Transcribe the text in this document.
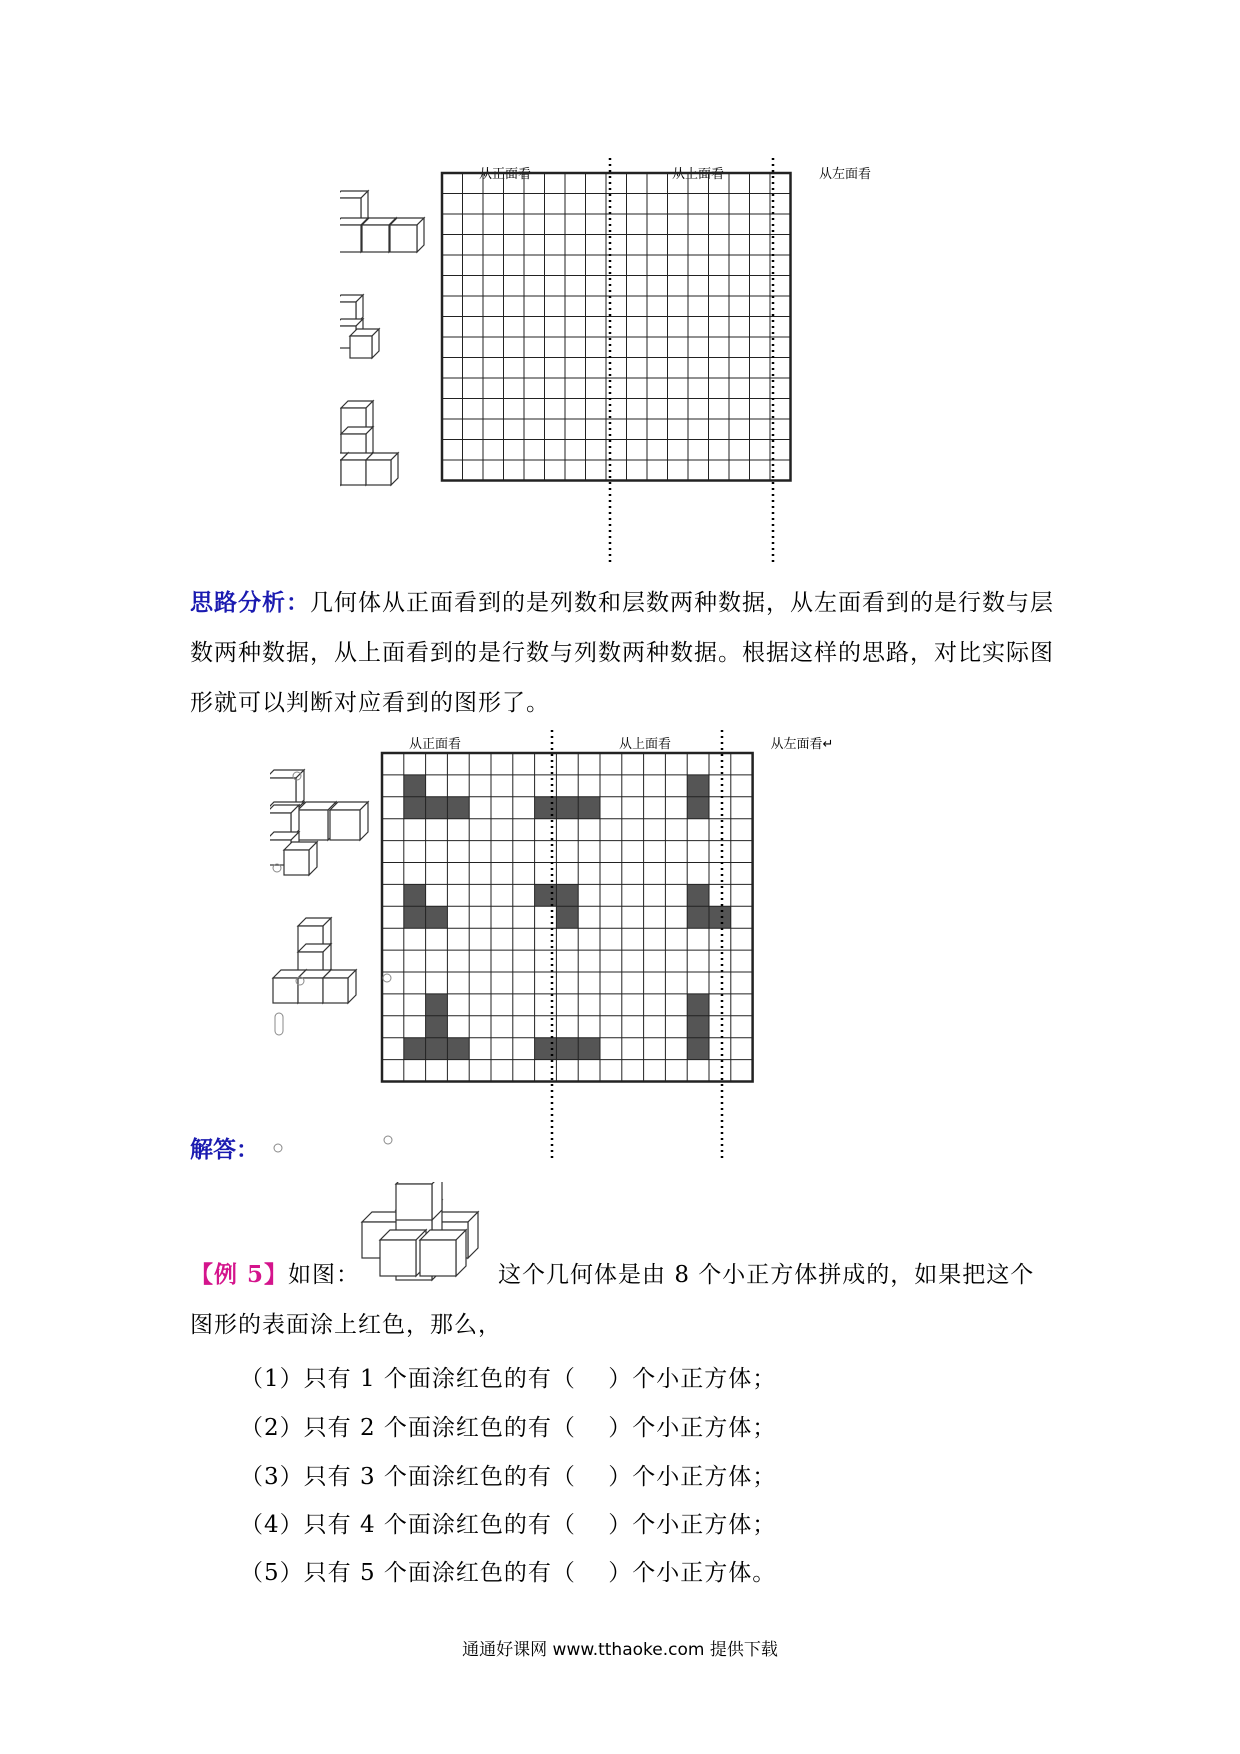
从正面看	从上面看	从左面看
思路分析：几何体从正面看到的是列数和层数两种数据，从左面看到的是行数与层数两种数据，从上面看到的是行数与列数两种数据。根据这样的思路，对比实际图形就可以判断对应看到的图形了。
从正面看	从上面看	从左面看↵
解答：
【例 5】如图：	这个几何体是由 8 个小正方体拼成的，如果把这个
图形的表面涂上红色，那么，
（1）只有 1 个面涂红色的有（　 ）个小正方体；
（2）只有 2 个面涂红色的有（　 ）个小正方体；
（3）只有 3 个面涂红色的有（　 ）个小正方体；
（4）只有 4 个面涂红色的有（　 ）个小正方体；
（5）只有 5 个面涂红色的有（　 ）个小正方体。
通通好课网 www.tthaoke.com 提供下载
